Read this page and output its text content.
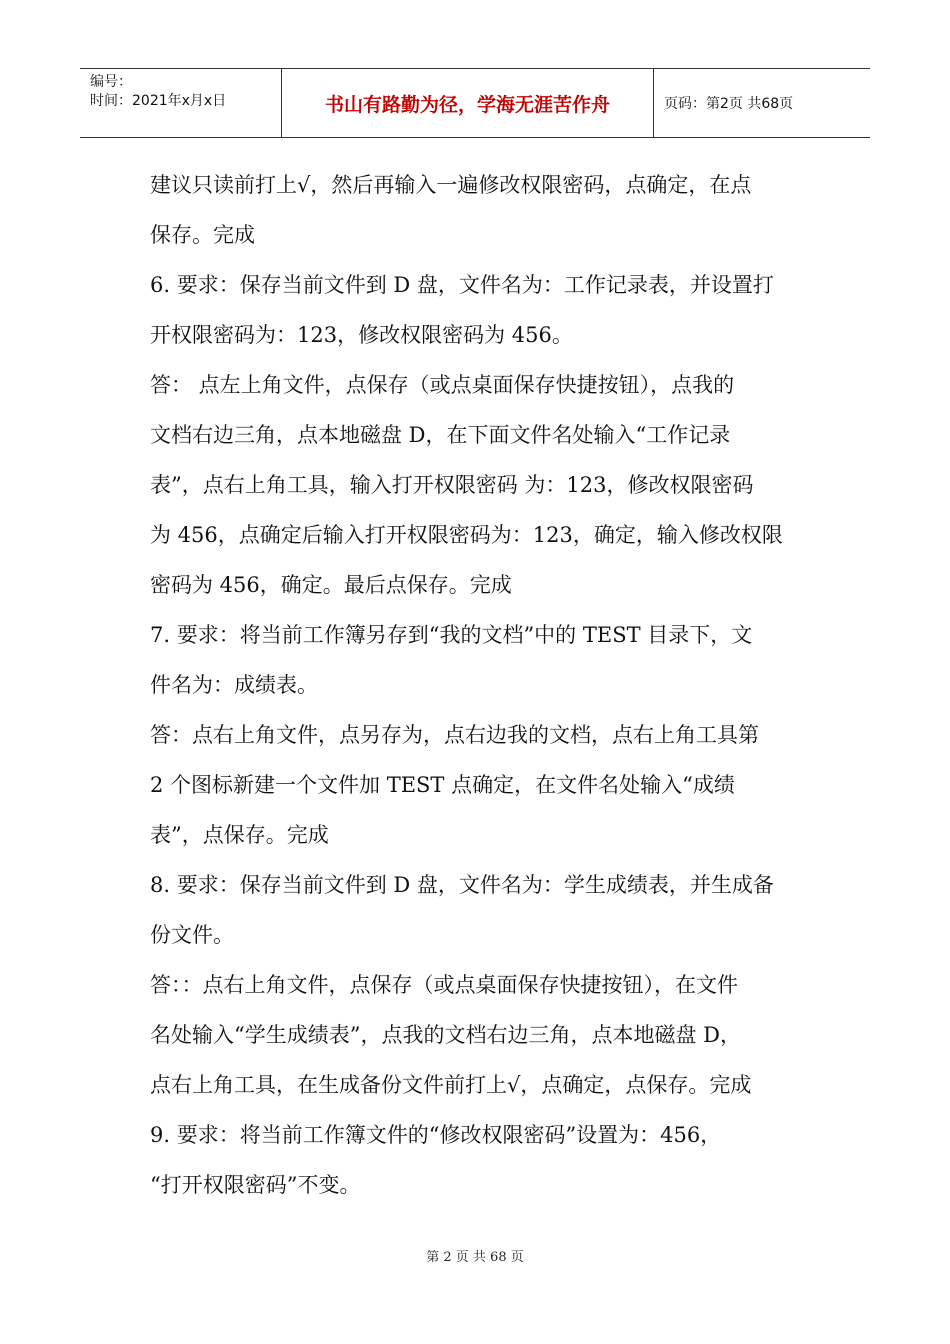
编号：
时间：2021年x月x日	书山有路勤为径，学海无涯苦作舟	页码：第2页 共68页
建议只读前打上√，然后再输入一遍修改权限密码，点确定，在点
保存。完成
6. 要求：保存当前文件到 D 盘，文件名为：工作记录表，并设置打
开权限密码为：123，修改权限密码为 456。
答： 点左上角文件，点保存（或点桌面保存快捷按钮），点我的
文档右边三角，点本地磁盘 D，在下面文件名处输入“工作记录
表”，点右上角工具，输入打开权限密码 为：123，修改权限密码
为 456，点确定后输入打开权限密码为：123，确定，输入修改权限
密码为 456，确定。最后点保存。完成
7. 要求：将当前工作簿另存到“我的文档”中的 TEST 目录下，文
件名为：成绩表。
答：点右上角文件，点另存为，点右边我的文档，点右上角工具第
2 个图标新建一个文件加 TEST 点确定，在文件名处输入“成绩
表”，点保存。完成
8. 要求：保存当前文件到 D 盘，文件名为：学生成绩表，并生成备
份文件。
答：：点右上角文件，点保存（或点桌面保存快捷按钮），在文件
名处输入“学生成绩表”，点我的文档右边三角，点本地磁盘 D，
点右上角工具，在生成备份文件前打上√，点确定，点保存。完成
9. 要求：将当前工作簿文件的“修改权限密码”设置为：456，
“打开权限密码”不变。
第 2 页 共 68 页
